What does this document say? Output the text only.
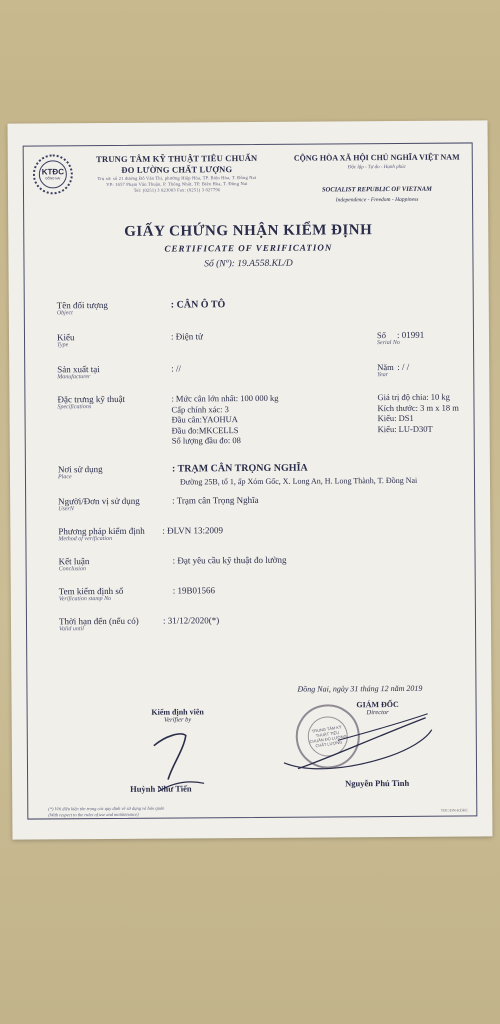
KTĐC
ĐỒNG NAI
TRUNG TÂM KỸ THUẬT TIÊU CHUẨN
ĐO LƯỜNG CHẤT LƯỢNG
Trụ sở: số 21 đường Đỗ Văn Thi, phường Hiệp Hòa, TP. Biên Hòa, T. Đồng Nai
VP: 1657 Phạm Văn Thuận, P. Thống Nhất, TP. Biên Hòa, T. Đồng Nai
Tel: (0251) 3 823083 Fax: (0251) 3 827796
CỘNG HÒA XÃ HỘI CHỦ NGHĨA VIỆT NAM
Độc lập - Tự do - Hạnh phúc
SOCIALIST REPUBLIC OF VIETNAM
Independence - Freedom - Happiness
GIẤY CHỨNG NHẬN KIỂM ĐỊNH
CERTIFICATE OF VERIFICATION
Số (Nº): 19.A558.KL/D
Tên đối tượng
Object
: CÂN Ô TÔ
Kiểu
Type
: Điện tử	Số
Serial No
: 01991
Sản xuất tại
Manufacturer
: //	Năm
Year
: / /
Đặc trưng kỹ thuật
Specifications
: Mức cân lớn nhất: 100 000 kg
Cấp chính xác: 3
Đầu cân:YAOHUA
Đầu đo:MKCELLS
Số lượng đầu đo: 08
Giá trị độ chia: 10 kg
Kích thước: 3 m x 18 m
Kiểu: DS1
Kiểu: LU-D30T
Nơi sử dụng
Place
: TRẠM CÂN TRỌNG NGHĨA
Đường 25B, tổ 1, ấp Xóm Gốc, X. Long An, H. Long Thành, T. Đồng Nai
Người/Đơn vị sử dụng
UserN
: Trạm cân Trọng Nghĩa
Phương pháp kiểm định
Method of verification
: ĐLVN 13:2009
Kết luận
Conclusion
: Đạt yêu cầu kỹ thuật đo lường
Tem kiểm định số
Verification stamp No
: 19B01566
Thời hạn đến (nếu có)
Valid until
: 31/12/2020(*)
Đồng Nai, ngày 31 tháng 12 năm 2019
Kiểm định viên
Verifier by
Huỳnh Như Tiến
GIÁM ĐỐC
Director
TRUNG TÂM KỸ THUẬT TIÊU CHUẨN ĐO LƯỜNG CHẤT LƯỢNG
Nguyễn Phú Tình
(*) Với điều kiện tôn trọng các quy định về sử dụng và bảo quản
(With respect to the rules of use and maintenance)
TĐC/ĐN-KĐHC
